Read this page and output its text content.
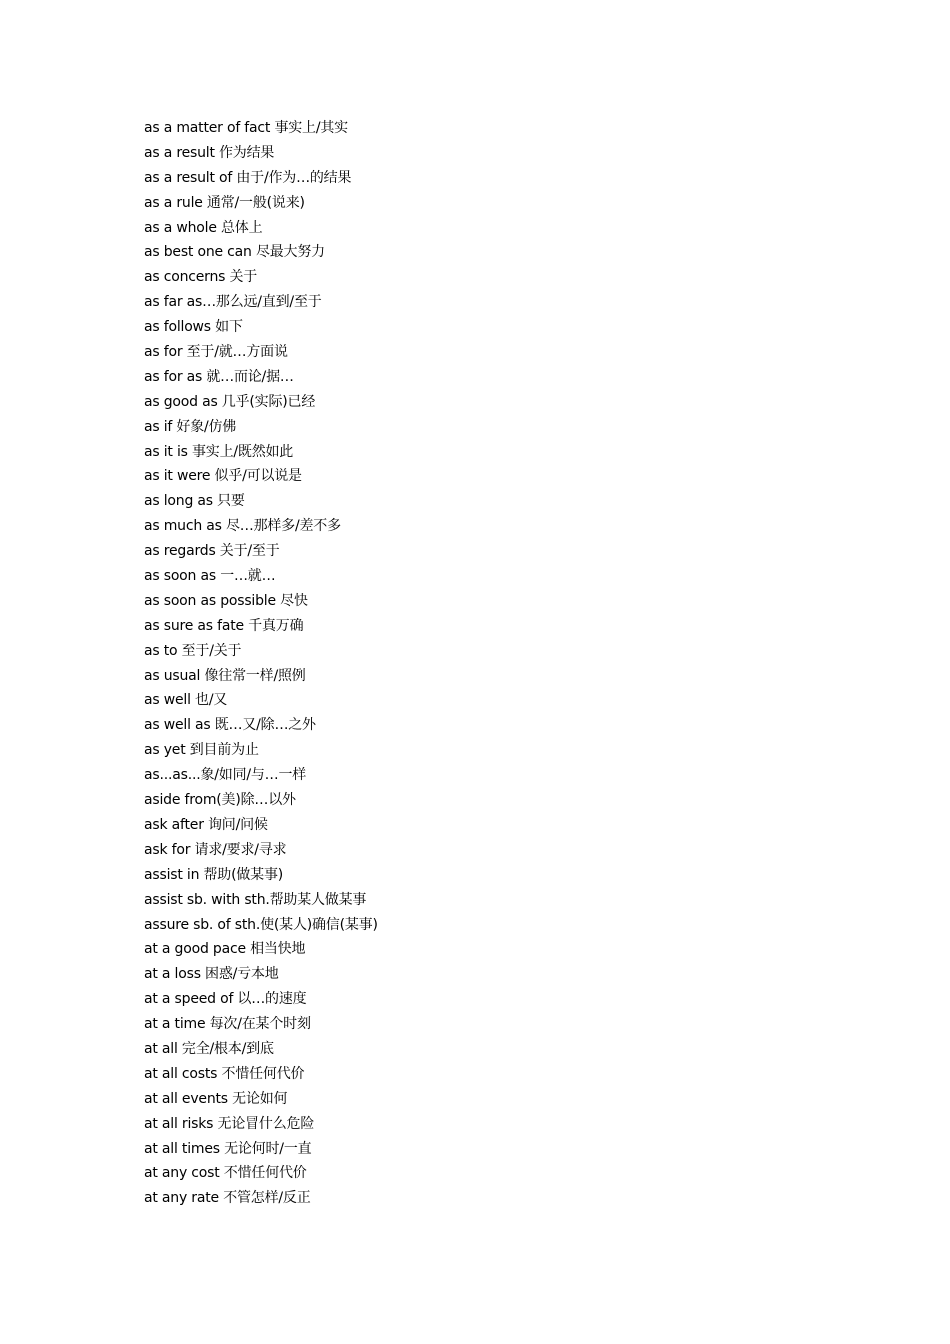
as a matter of fact 事实上/其实
as a result 作为结果
as a result of 由于/作为…的结果
as a rule 通常/一般(说来)
as a whole 总体上
as best one can 尽最大努力
as concerns 关于
as far as…那么远/直到/至于
as follows 如下
as for 至于/就…方面说
as for as 就…而论/据…
as good as 几乎(实际)已经
as if 好象/仿佛
as it is 事实上/既然如此
as it were 似乎/可以说是
as long as 只要
as much as 尽…那样多/差不多
as regards 关于/至于
as soon as 一…就…
as soon as possible 尽快
as sure as fate 千真万确
as to 至于/关于
as usual 像往常一样/照例
as well 也/又
as well as 既…又/除…之外
as yet 到目前为止
as...as...象/如同/与…一样
aside from(美)除…以外
ask after 询问/问候
ask for 请求/要求/寻求
assist in 帮助(做某事)
assist sb. with sth.帮助某人做某事
assure sb. of sth.使(某人)确信(某事)
at a good pace 相当快地
at a loss 困惑/亏本地
at a speed of 以…的速度
at a time 每次/在某个时刻
at all 完全/根本/到底
at all costs 不惜任何代价
at all events 无论如何
at all risks 无论冒什么危险
at all times 无论何时/一直
at any cost 不惜任何代价
at any rate 不管怎样/反正
